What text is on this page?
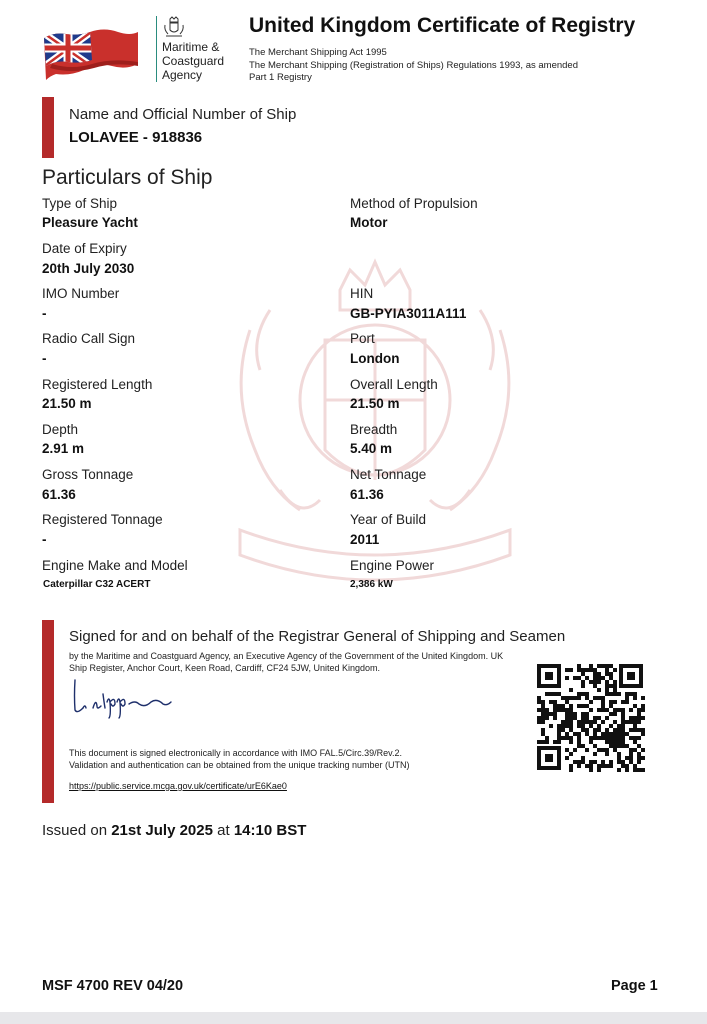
Maritime &
Coastguard
Agency
United Kingdom Certificate of Registry
The Merchant Shipping Act 1995
The Merchant Shipping (Registration of Ships) Regulations 1993, as amended
Part 1 Registry
Name and Official Number of Ship
LOLAVEE - 918836
Particulars of Ship
Type of Ship
Pleasure Yacht
Method of Propulsion
Motor
Date of Expiry
20th July 2030
IMO Number
-
HIN
GB-PYIA3011A111
Radio Call Sign
-
Port
London
Registered Length
21.50 m
Overall Length
21.50 m
Depth
2.91 m
Breadth
5.40 m
Gross Tonnage
61.36
Net Tonnage
61.36
Registered Tonnage
-
Year of Build
2011
Engine Make and Model
Caterpillar C32 ACERT
Engine Power
2,386 kW
Signed for and on behalf of the Registrar General of Shipping and Seamen
by the Maritime and Coastguard Agency, an Executive Agency of the Government of the United Kingdom. UK Ship Register, Anchor Court, Keen Road, Cardiff, CF24 5JW, United Kingdom.
This document is signed electronically in accordance with IMO FAL.5/Circ.39/Rev.2.
Validation and authentication can be obtained from the unique tracking number (UTN)
https://public.service.mcga.gov.uk/certificate/urE6Kae0
Issued on 21st July 2025 at 14:10 BST
MSF 4700 REV 04/20	Page 1
